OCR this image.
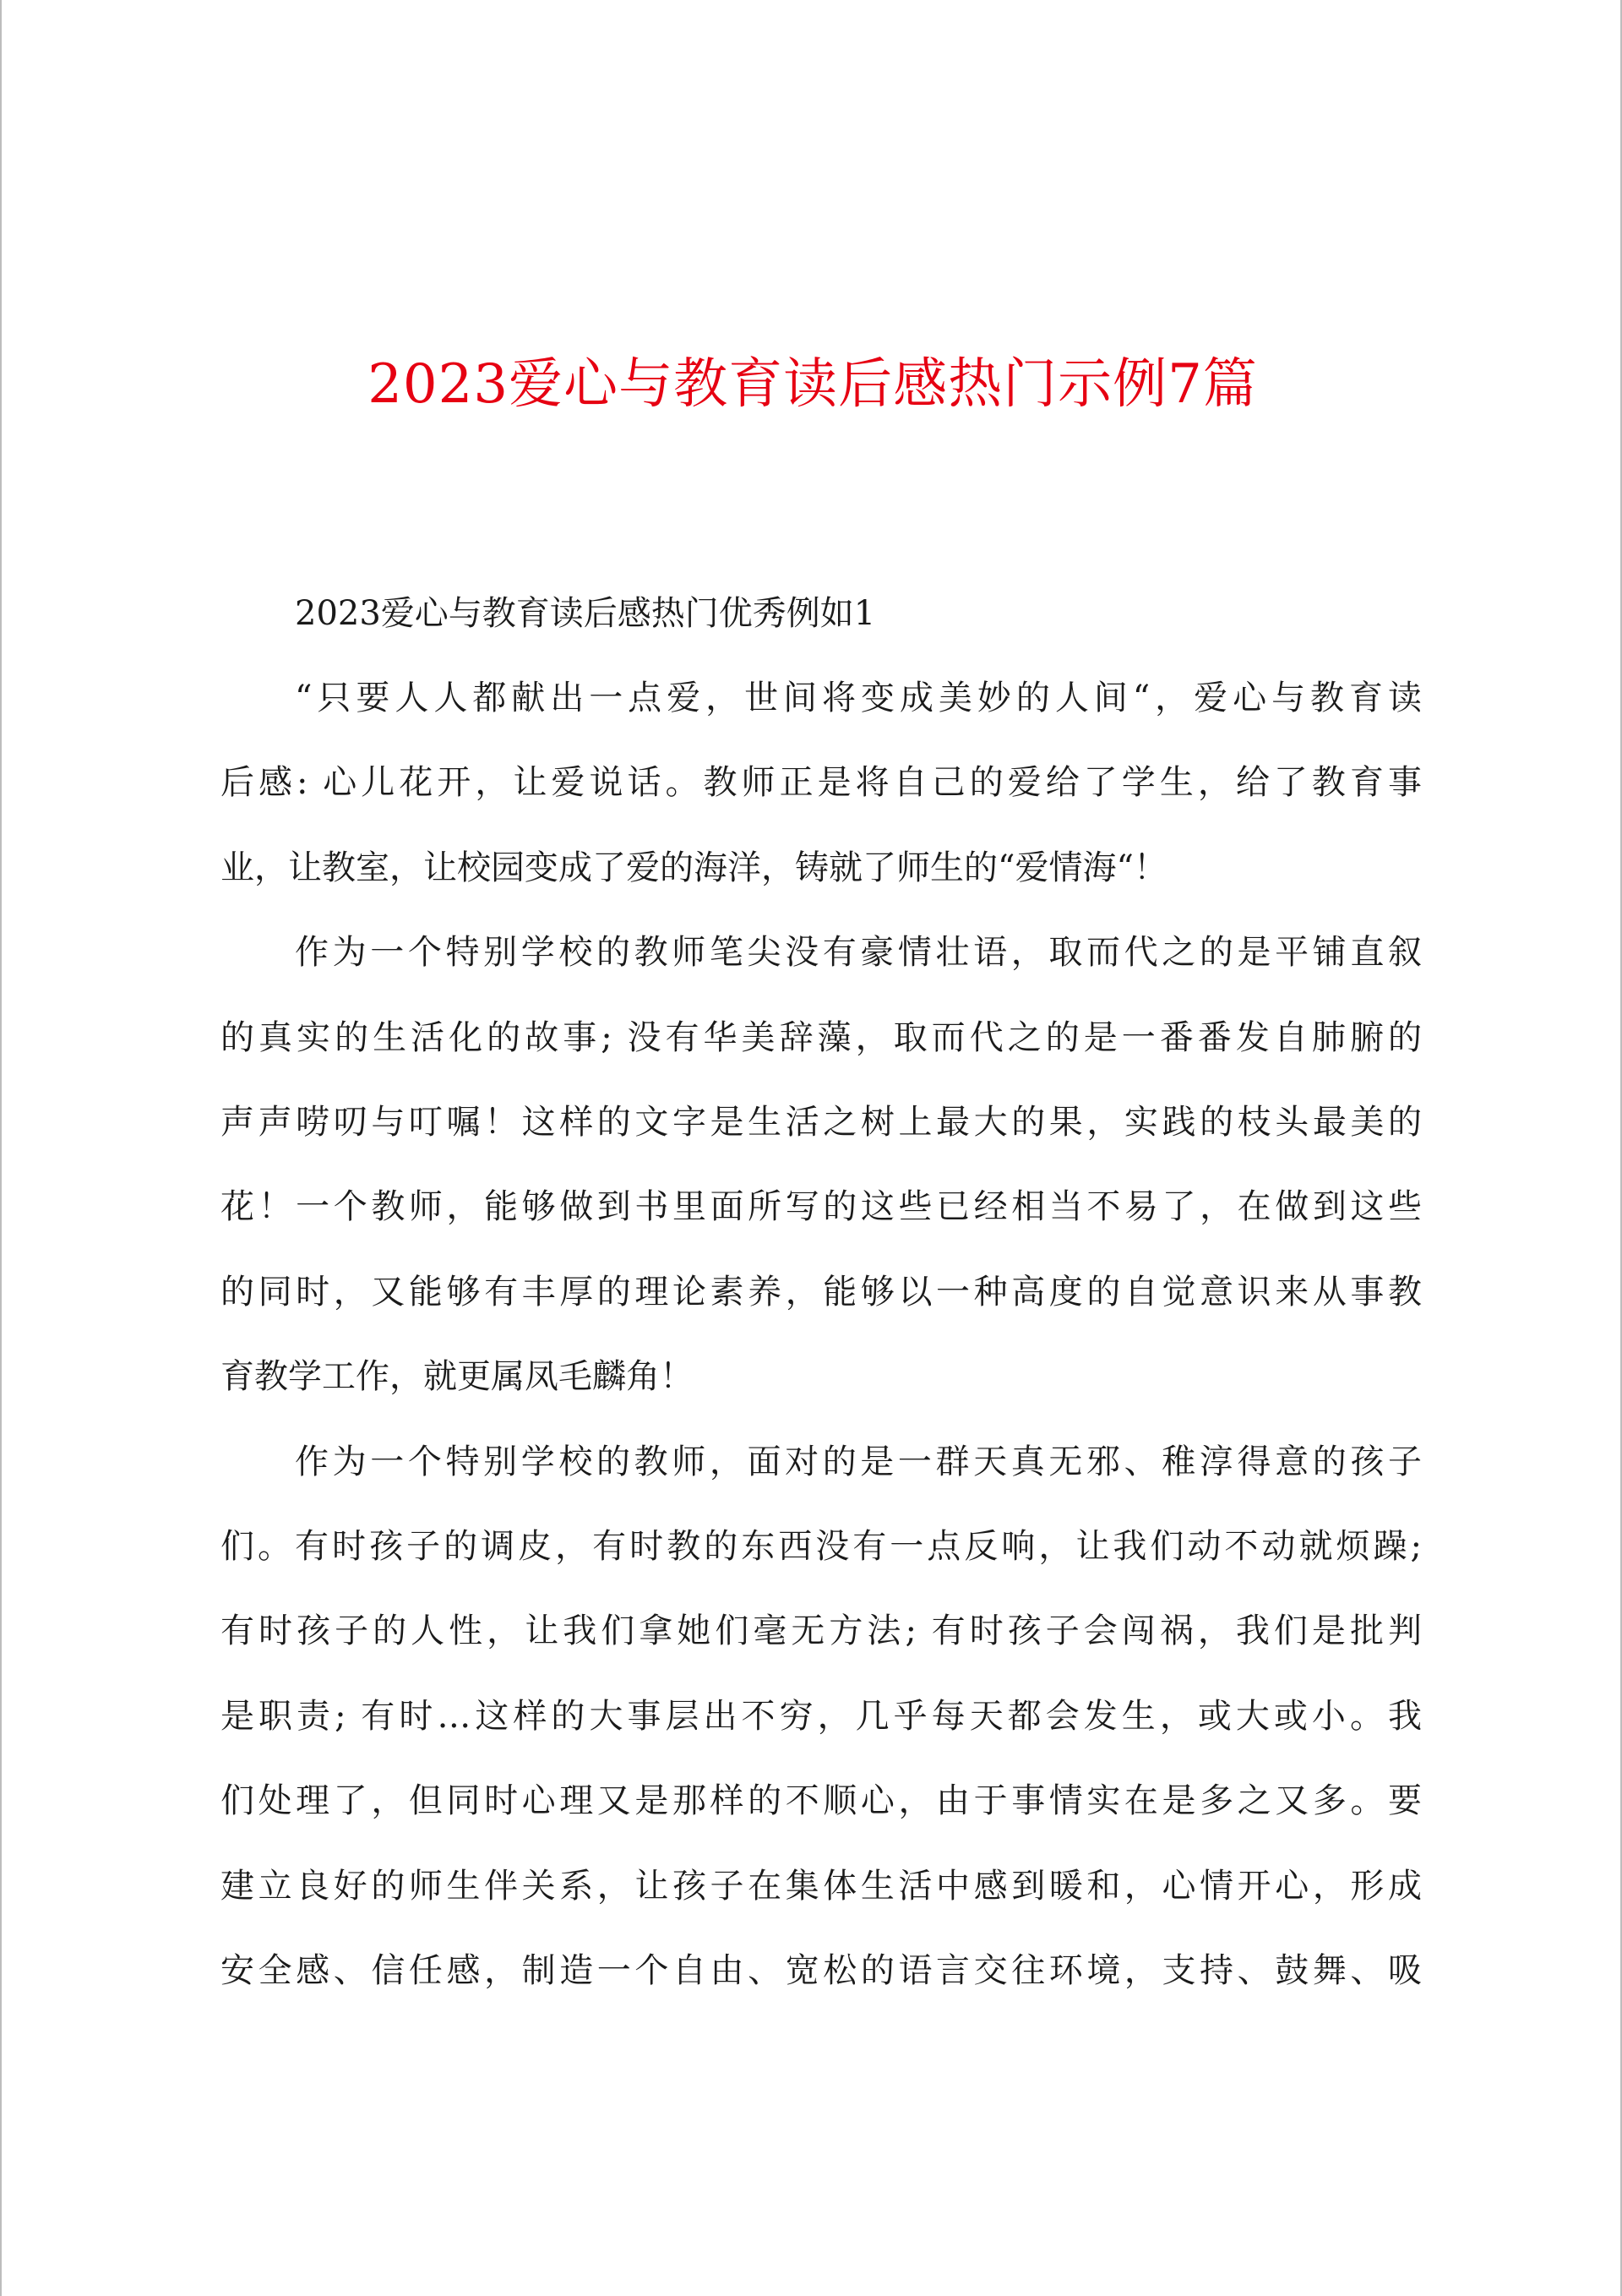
2023爱心与教育读后感热门示例7篇

2023爱心与教育读后感热门优秀例如1

“只要人人都献出一点爱，世间将变成美妙的人间“，爱心与教育读
后感: 心儿花开，让爱说话。教师正是将自己的爱给了学生，给了教育事
业，让教室，让校园变成了爱的海洋，铸就了师生的“爱情海“！

作为一个特别学校的教师笔尖没有豪情壮语，取而代之的是平铺直叙
的真实的生活化的故事; 没有华美辞藻，取而代之的是一番番发自肺腑的
声声唠叨与叮嘱！这样的文字是生活之树上最大的果，实践的枝头最美的
花！一个教师，能够做到书里面所写的这些已经相当不易了，在做到这些
的同时，又能够有丰厚的理论素养，能够以一种高度的自觉意识来从事教
育教学工作，就更属凤毛麟角！

作为一个特别学校的教师，面对的是一群天真无邪、稚淳得意的孩子
们。有时孩子的调皮，有时教的东西没有一点反响，让我们动不动就烦躁;
有时孩子的人性，让我们拿她们毫无方法; 有时孩子会闯祸，我们是批判
是职责; 有时…这样的大事层出不穷，几乎每天都会发生，或大或小。我
们处理了，但同时心理又是那样的不顺心，由于事情实在是多之又多。要
建立良好的师生伴关系，让孩子在集体生活中感到暖和，心情开心，形成
安全感、信任感，制造一个自由、宽松的语言交往环境，支持、鼓舞、吸
